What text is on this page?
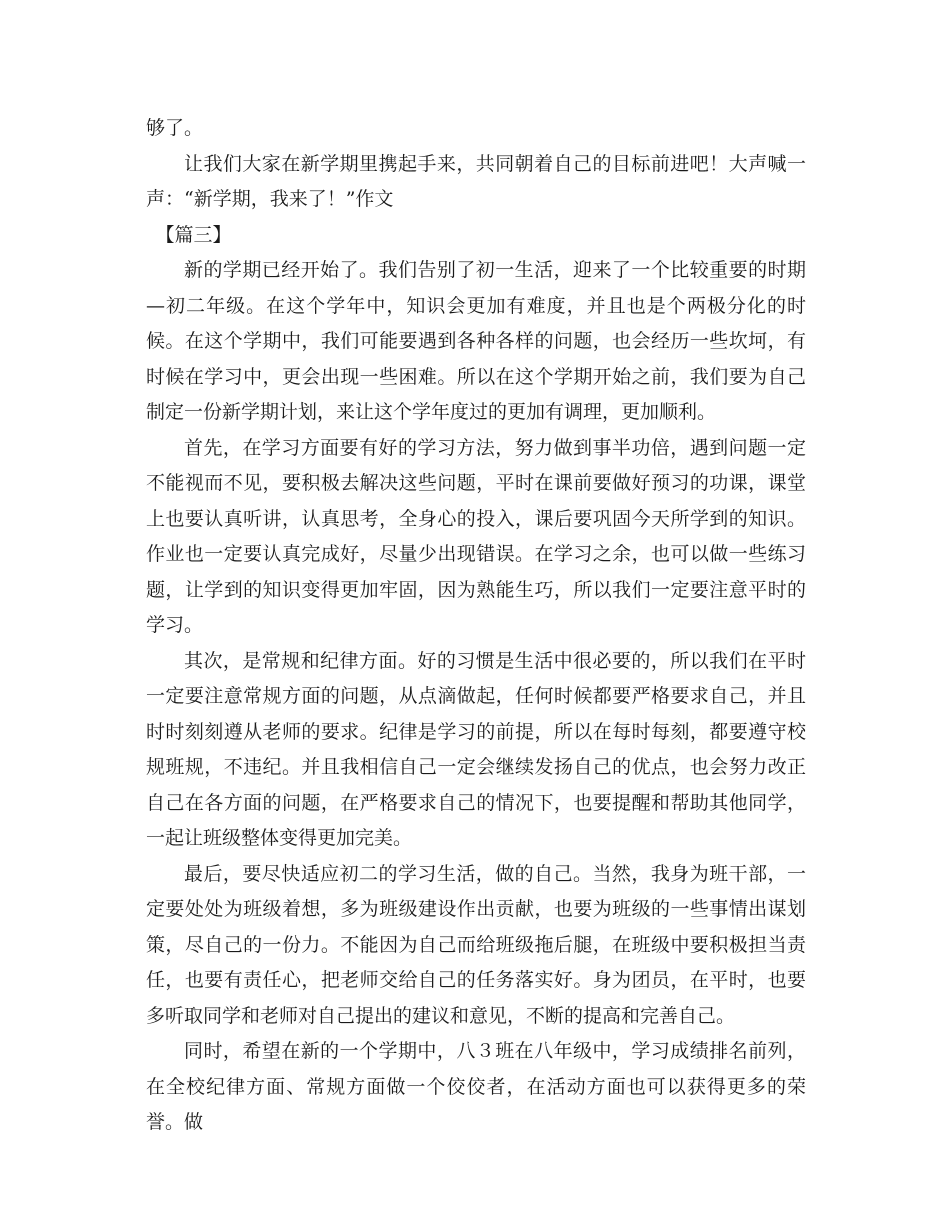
够了。

让我们大家在新学期里携起手来，共同朝着自己的目标前进吧！大声喊一声：“新学期，我来了！”作文

【篇三】

新的学期已经开始了。我们告别了初一生活，迎来了一个比较重要的时期—初二年级。在这个学年中，知识会更加有难度，并且也是个两极分化的时候。在这个学期中，我们可能要遇到各种各样的问题，也会经历一些坎坷，有时候在学习中，更会出现一些困难。所以在这个学期开始之前，我们要为自己制定一份新学期计划，来让这个学年度过的更加有调理，更加顺利。

首先，在学习方面要有好的学习方法，努力做到事半功倍，遇到问题一定不能视而不见，要积极去解决这些问题，平时在课前要做好预习的功课，课堂上也要认真听讲，认真思考，全身心的投入，课后要巩固今天所学到的知识。作业也一定要认真完成好，尽量少出现错误。在学习之余，也可以做一些练习题，让学到的知识变得更加牢固，因为熟能生巧，所以我们一定要注意平时的学习。

其次，是常规和纪律方面。好的习惯是生活中很必要的，所以我们在平时一定要注意常规方面的问题，从点滴做起，任何时候都要严格要求自己，并且时时刻刻遵从老师的要求。纪律是学习的前提，所以在每时每刻，都要遵守校规班规，不违纪。并且我相信自己一定会继续发扬自己的优点，也会努力改正自己在各方面的问题，在严格要求自己的情况下，也要提醒和帮助其他同学，一起让班级整体变得更加完美。

最后，要尽快适应初二的学习生活，做的自己。当然，我身为班干部，一定要处处为班级着想，多为班级建设作出贡献，也要为班级的一些事情出谋划策，尽自己的一份力。不能因为自己而给班级拖后腿，在班级中要积极担当责任，也要有责任心，把老师交给自己的任务落实好。身为团员，在平时，也要多听取同学和老师对自己提出的建议和意见，不断的提高和完善自己。

同时，希望在新的一个学期中，八３班在八年级中，学习成绩排名前列，在全校纪律方面、常规方面做一个佼佼者，在活动方面也可以获得更多的荣誉。做
